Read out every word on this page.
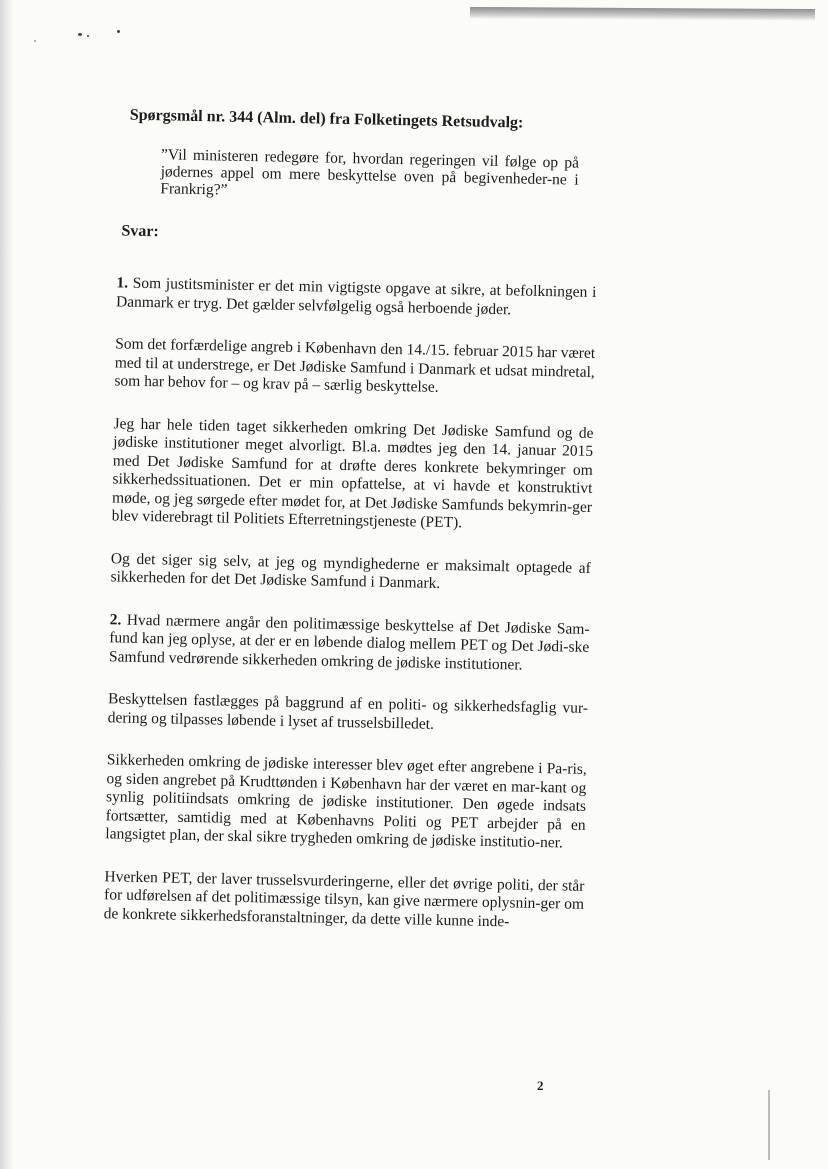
Spørgsmål nr. 344 (Alm. del) fra Folketingets Retsudvalg:
”Vil ministeren redegøre for, hvordan regeringen vil følge op på jødernes appel om mere beskyttelse oven på begivenheder-ne i Frankrig?”
Svar:

1. Som justitsminister er det min vigtigste opgave at sikre, at befolkningen i Danmark er tryg. Det gælder selvfølgelig også herboende jøder.

Som det forfærdelige angreb i København den 14./15. februar 2015 har været med til at understrege, er Det Jødiske Samfund i Danmark et udsat mindretal, som har behov for – og krav på – særlig beskyttelse.

Jeg har hele tiden taget sikkerheden omkring Det Jødiske Samfund og de jødiske institutioner meget alvorligt. Bl.a. mødtes jeg den 14. januar 2015 med Det Jødiske Samfund for at drøfte deres konkrete bekymringer om sikkerhedssituationen. Det er min opfattelse, at vi havde et konstruktivt møde, og jeg sørgede efter mødet for, at Det Jødiske Samfunds bekymrin-ger blev viderebragt til Politiets Efterretningstjeneste (PET).

Og det siger sig selv, at jeg og myndighederne er maksimalt optagede af sikkerheden for det Det Jødiske Samfund i Danmark.

2. Hvad nærmere angår den politimæssige beskyttelse af Det Jødiske Sam-fund kan jeg oplyse, at der er en løbende dialog mellem PET og Det Jødi-ske Samfund vedrørende sikkerheden omkring de jødiske institutioner.

Beskyttelsen fastlægges på baggrund af en politi- og sikkerhedsfaglig vur-dering og tilpasses løbende i lyset af trusselsbilledet.

Sikkerheden omkring de jødiske interesser blev øget efter angrebene i Pa-ris, og siden angrebet på Krudttønden i København har der været en mar-kant og synlig politiindsats omkring de jødiske institutioner. Den øgede indsats fortsætter, samtidig med at Københavns Politi og PET arbejder på en langsigtet plan, der skal sikre trygheden omkring de jødiske institutio-ner.

Hverken PET, der laver trusselsvurderingerne, eller det øvrige politi, der står for udførelsen af det politimæssige tilsyn, kan give nærmere oplysnin-ger om de konkrete sikkerhedsforanstaltninger, da dette ville kunne inde-

2
